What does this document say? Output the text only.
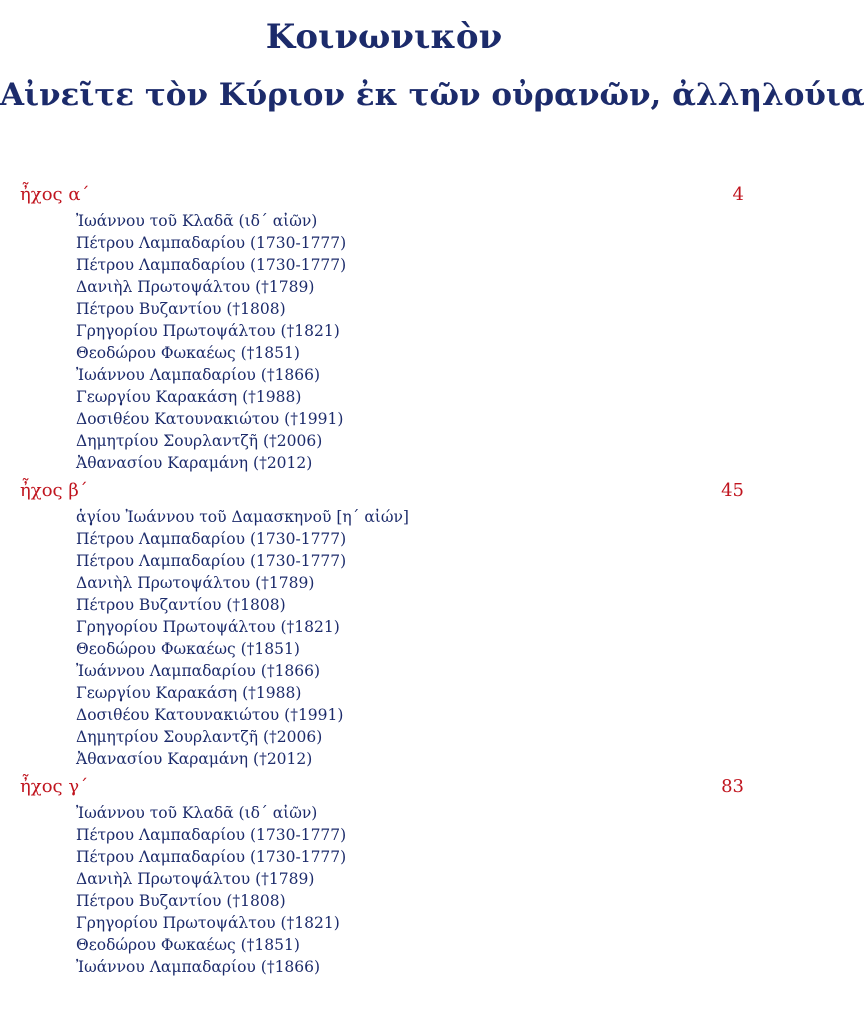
Κοινωνικὸν
Αἰνεῖτε τὸν Κύριον ἐκ τῶν οὐρανῶν, ἀλληλούια
ἦχος α΄	4
Ἰωάννου τοῦ Κλαδᾶ (ιδ΄ αἰῶν)
Πέτρου Λαμπαδαρίου (1730-1777)
Πέτρου Λαμπαδαρίου (1730-1777)
Δανιὴλ Πρωτοψάλτου (†1789)
Πέτρου Βυζαντίου (†1808)
Γρηγορίου Πρωτοψάλτου (†1821)
Θεοδώρου Φωκαέως (†1851)
Ἰωάννου Λαμπαδαρίου (†1866)
Γεωργίου Καρακάση (†1988)
Δοσιθέου Κατουνακιώτου (†1991)
Δημητρίου Σουρλαντζῆ (†2006)
Ἀθανασίου Καραμάνη (†2012)
ἦχος β΄	45
ἁγίου Ἰωάννου τοῦ Δαμασκηνοῦ [η΄ αἰών]
Πέτρου Λαμπαδαρίου (1730-1777)
Πέτρου Λαμπαδαρίου (1730-1777)
Δανιὴλ Πρωτοψάλτου (†1789)
Πέτρου Βυζαντίου (†1808)
Γρηγορίου Πρωτοψάλτου (†1821)
Θεοδώρου Φωκαέως (†1851)
Ἰωάννου Λαμπαδαρίου (†1866)
Γεωργίου Καρακάση (†1988)
Δοσιθέου Κατουνακιώτου (†1991)
Δημητρίου Σουρλαντζῆ (†2006)
Ἀθανασίου Καραμάνη (†2012)
ἦχος γ΄	83
Ἰωάννου τοῦ Κλαδᾶ (ιδ΄ αἰῶν)
Πέτρου Λαμπαδαρίου (1730-1777)
Πέτρου Λαμπαδαρίου (1730-1777)
Δανιὴλ Πρωτοψάλτου (†1789)
Πέτρου Βυζαντίου (†1808)
Γρηγορίου Πρωτοψάλτου (†1821)
Θεοδώρου Φωκαέως (†1851)
Ἰωάννου Λαμπαδαρίου (†1866)
